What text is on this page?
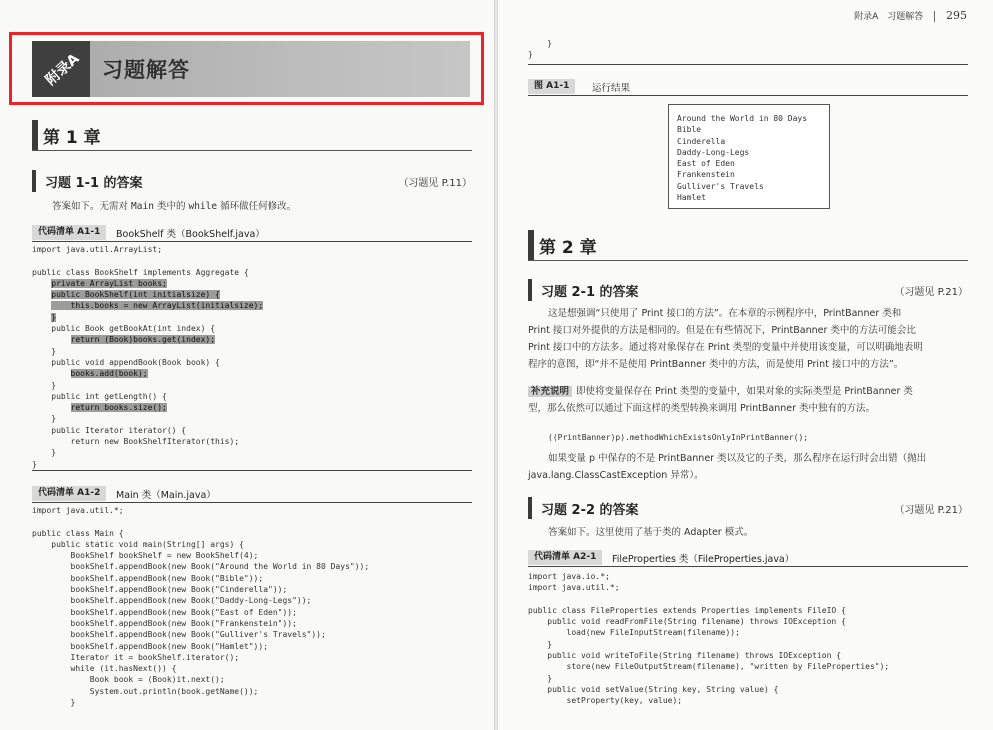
附录A 习题解答
第 1 章
习题 1-1 的答案	（习题见 P.11）
答案如下。无需对 Main 类中的 while 循环做任何修改。
代码清单 A1-1	BookShelf 类（BookShelf.java）
import java.util.ArrayList;

public class BookShelf implements Aggregate {
private ArrayList books;
public BookShelf(int initialsize) {
this.books = new ArrayList(initialsize);
}
public Book getBookAt(int index) {
return (Book)books.get(index);
}
public void appendBook(Book book) {
books.add(book);
}
public int getLength() {
return books.size();
}
public Iterator iterator() {
return new BookShelfIterator(this);
}
}
代码清单 A1-2	Main 类（Main.java）
import java.util.*;

public class Main {
public static void main(String[] args) {
BookShelf bookShelf = new BookShelf(4);
bookShelf.appendBook(new Book("Around the World in 80 Days"));
bookShelf.appendBook(new Book("Bible"));
bookShelf.appendBook(new Book("Cinderella"));
bookShelf.appendBook(new Book("Daddy-Long-Legs"));
bookShelf.appendBook(new Book("East of Eden"));
bookShelf.appendBook(new Book("Frankenstein"));
bookShelf.appendBook(new Book("Gulliver's Travels"));
bookShelf.appendBook(new Book("Hamlet"));
Iterator it = bookShelf.iterator();
while (it.hasNext()) {
Book book = (Book)it.next();
System.out.println(book.getName());
}
附录A　习题解答 295
}
}
图 A1-1	运行结果
Around the World in 80 Days
Bible
Cinderella
Daddy-Long-Legs
East of Eden
Frankenstein
Gulliver's Travels
Hamlet
第 2 章
习题 2-1 的答案	（习题见 P.21）
这是想强调“只使用了 Print 接口的方法”。在本章的示例程序中，PrintBanner 类和
Print 接口对外提供的方法是相同的。但是在有些情况下，PrintBanner 类中的方法可能会比
Print 接口中的方法多。通过将对象保存在 Print 类型的变量中并使用该变量，可以明确地表明
程序的意图，即“并不是使用 PrintBanner 类中的方法，而是使用 Print 接口中的方法”。
补充说明 即使将变量保存在 Print 类型的变量中，如果对象的实际类型是 PrintBanner 类
型，那么依然可以通过下面这样的类型转换来调用 PrintBanner 类中独有的方法。
((PrintBanner)p).methodWhichExistsOnlyInPrintBanner();
如果变量 p 中保存的不是 PrintBanner 类以及它的子类，那么程序在运行时会出错（抛出
java.lang.ClassCastException 异常）。
习题 2-2 的答案	（习题见 P.21）
答案如下。这里使用了基于类的 Adapter 模式。
代码清单 A2-1	FileProperties 类（FileProperties.java）
import java.io.*;
import java.util.*;

public class FileProperties extends Properties implements FileIO {
public void readFromFile(String filename) throws IOException {
load(new FileInputStream(filename));
}
public void writeToFile(String filename) throws IOException {
store(new FileOutputStream(filename), "written by FileProperties");
}
public void setValue(String key, String value) {
setProperty(key, value);
